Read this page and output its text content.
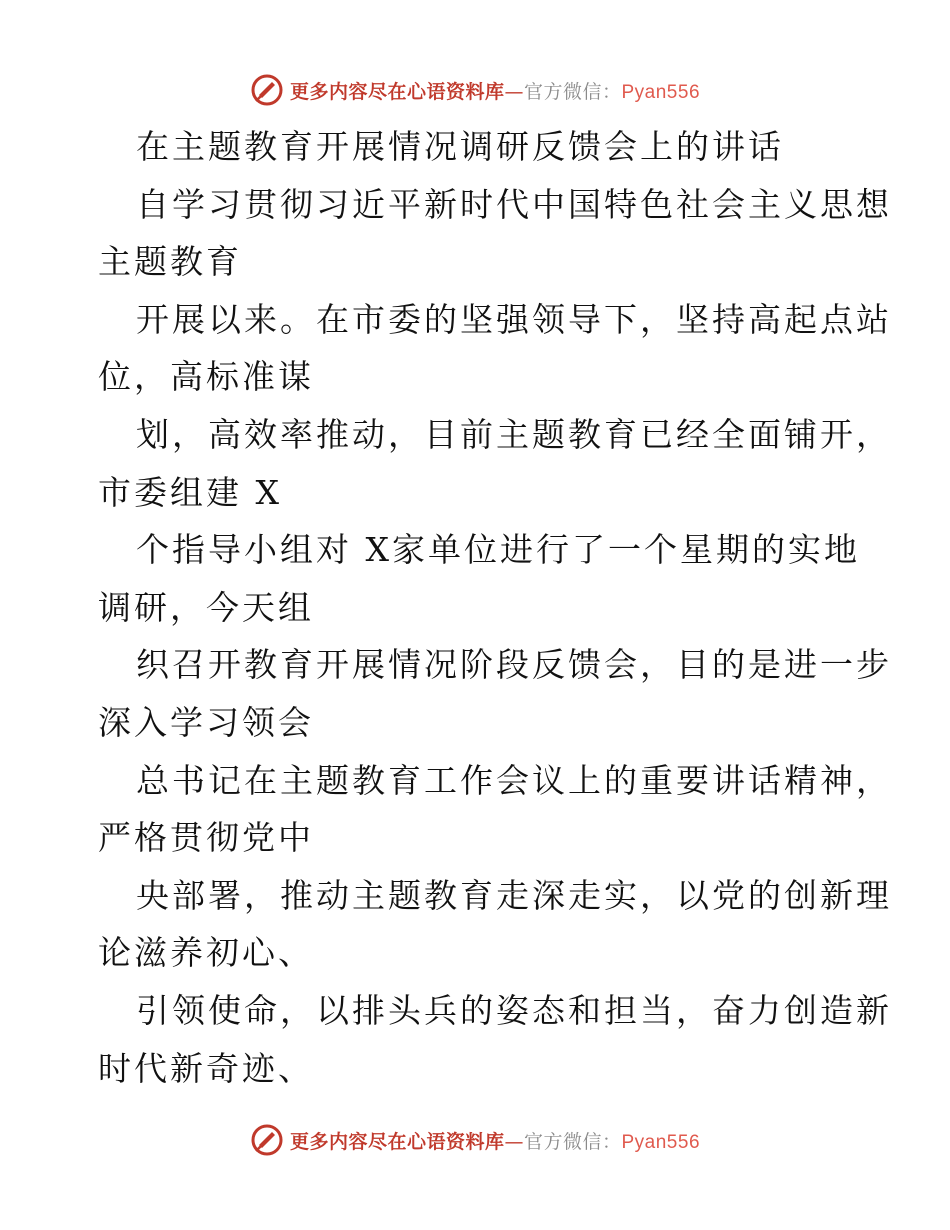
更多内容尽在心语资料库—官方微信：Pyan556
在主题教育开展情况调研反馈会上的讲话
自学习贯彻习近平新时代中国特色社会主义思想
主题教育
开展以来。在市委的坚强领导下，坚持高起点站
位，高标准谋
划，高效率推动，目前主题教育已经全面铺开，
市委组建 X
个指导小组对 X家单位进行了一个星期的实地
调研，今天组
织召开教育开展情况阶段反馈会，目的是进一步
深入学习领会
总书记在主题教育工作会议上的重要讲话精神，
严格贯彻党中
央部署，推动主题教育走深走实，以党的创新理
论滋养初心、
引领使命，以排头兵的姿态和担当，奋力创造新
时代新奇迹、
更多内容尽在心语资料库—官方微信：Pyan556
